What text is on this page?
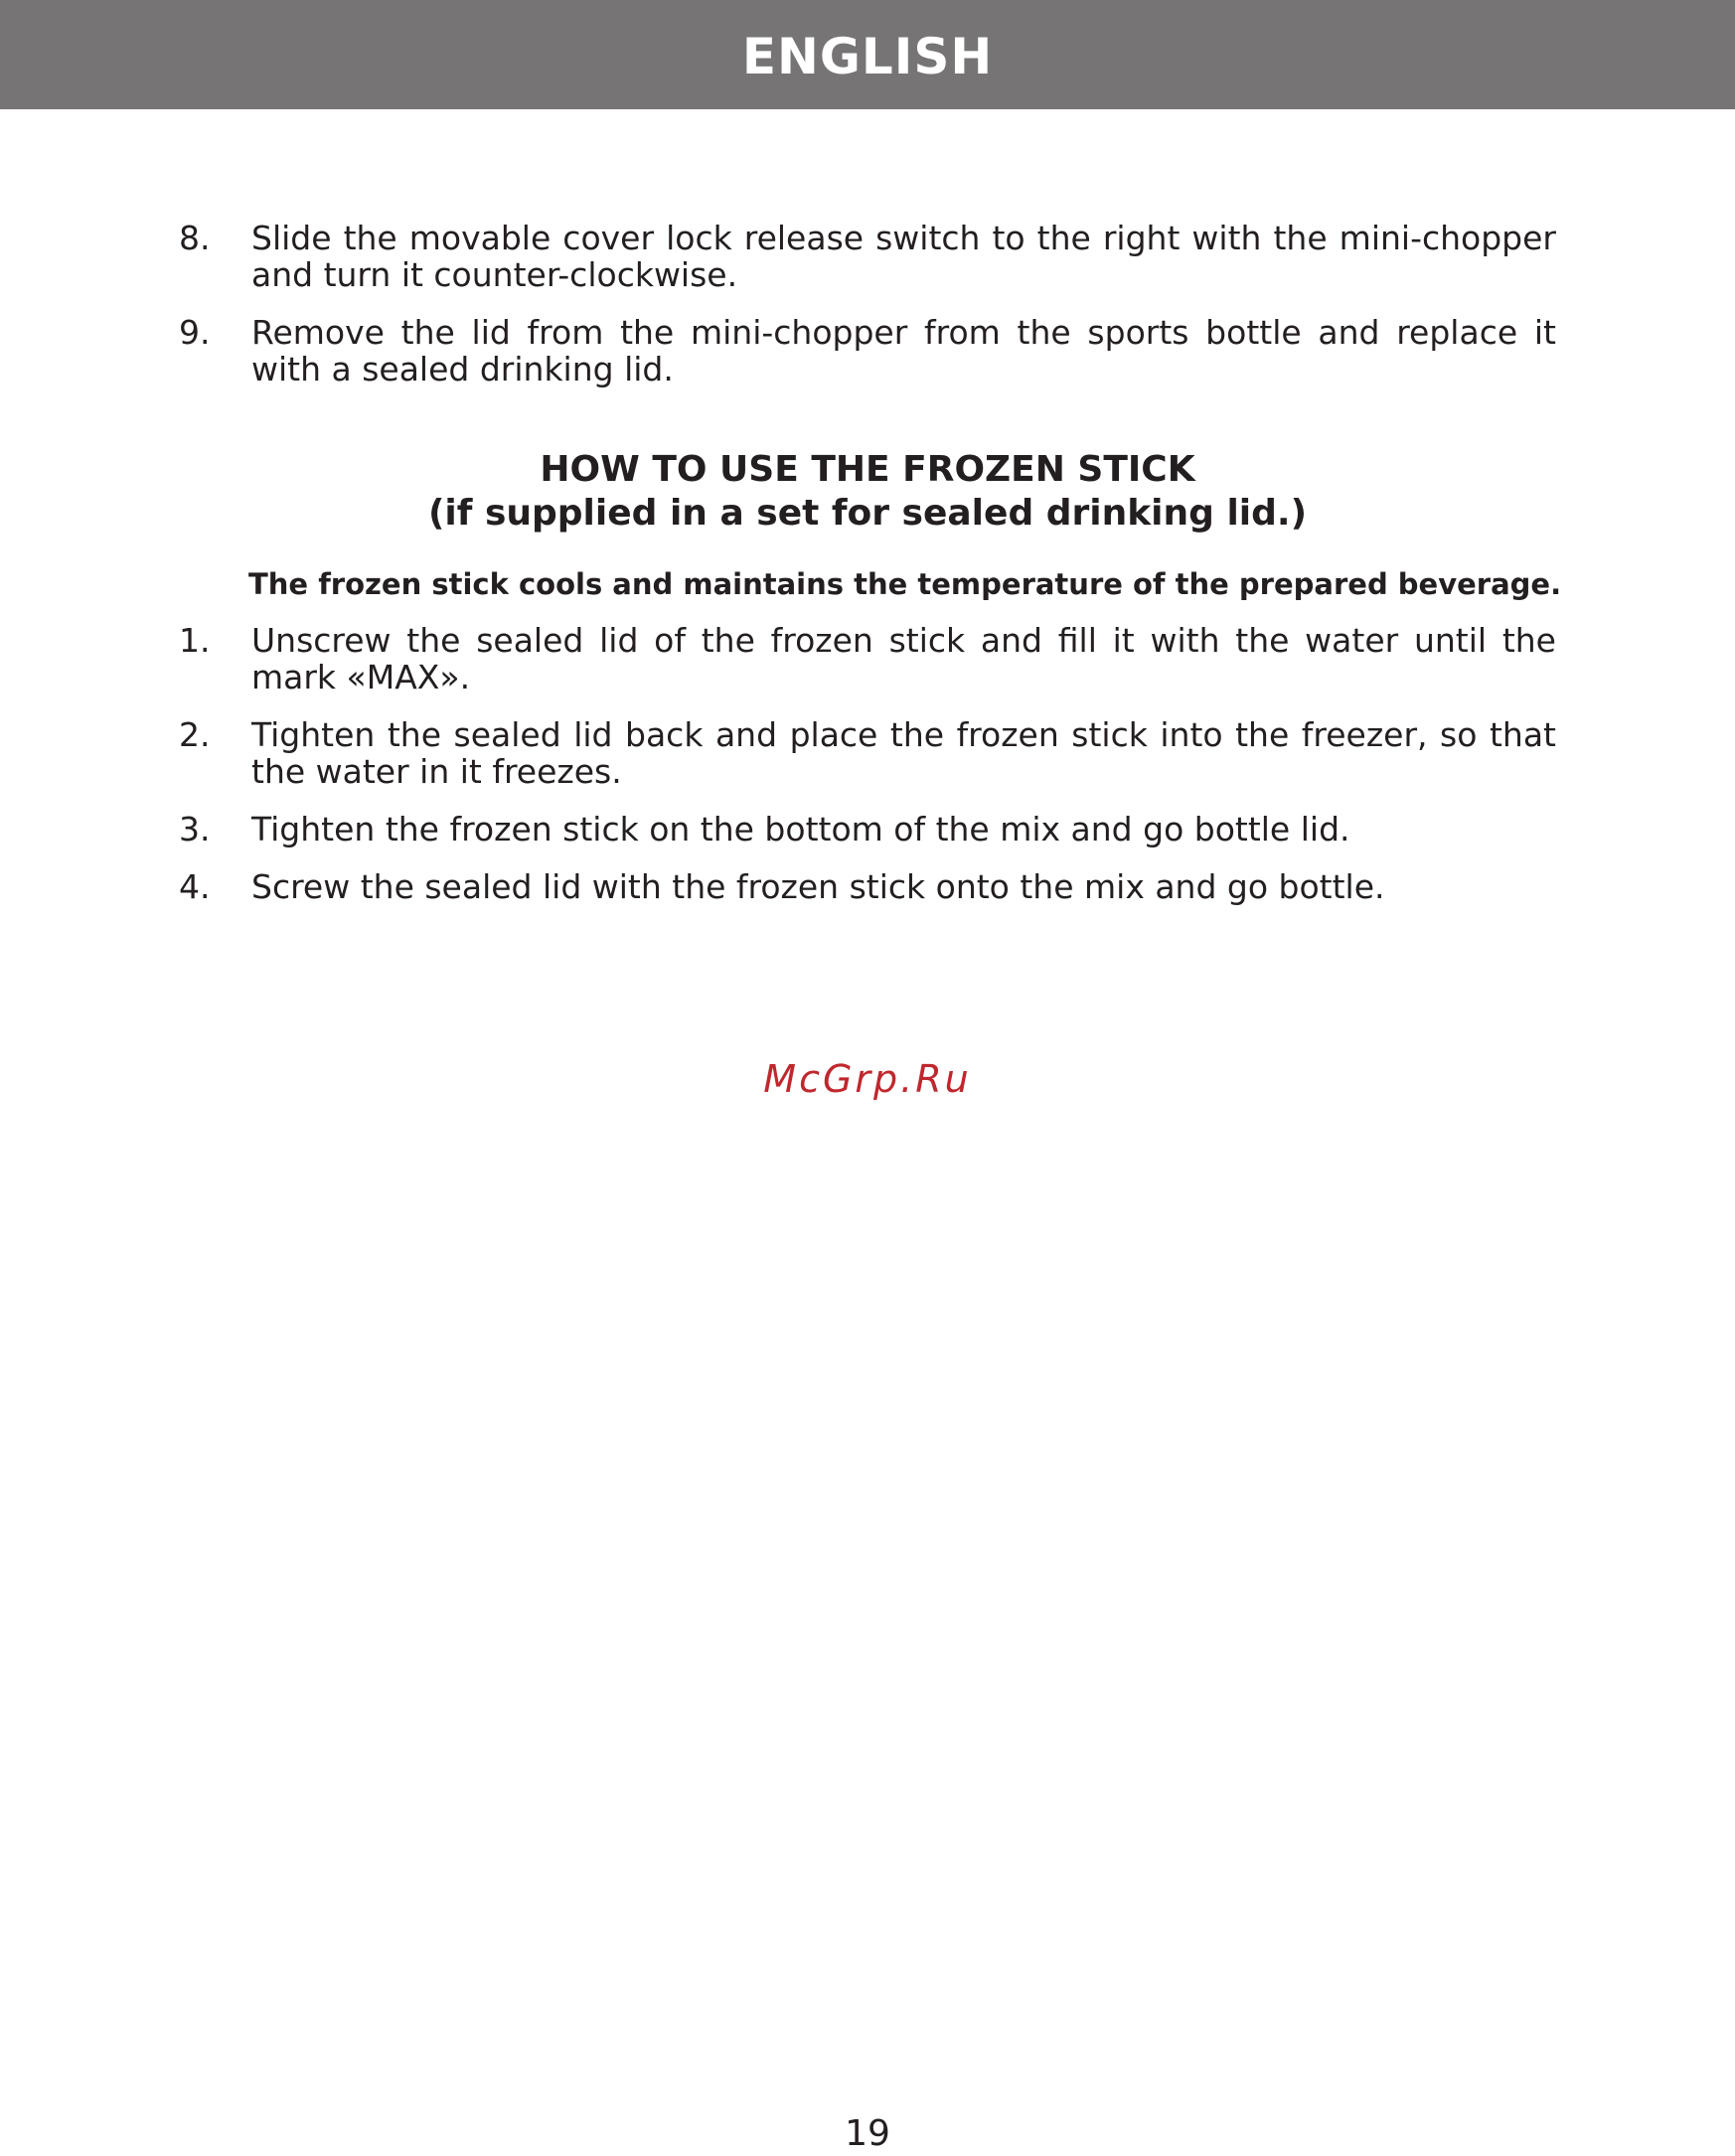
ENGLISH
8.	Slide the movable cover lock release switch to the right with the mini-chopper and turn it counter-clockwise.
9.	Remove the lid from the mini-chopper from the sports bottle and replace it with a sealed drinking lid.
HOW TO USE THE FROZEN STICK
(if supplied in a set for sealed drinking lid.)
The frozen stick cools and maintains the temperature of the prepared beverage.
1.	Unscrew the sealed lid of the frozen stick and fill it with the water until the mark «MAX».
2.	Tighten the sealed lid back and place the frozen stick into the freezer, so that the water in it freezes.
3.	Tighten the frozen stick on the bottom of the mix and go bottle lid.
4.	Screw the sealed lid with the frozen stick onto the mix and go bottle.
McGrp.Ru
19
